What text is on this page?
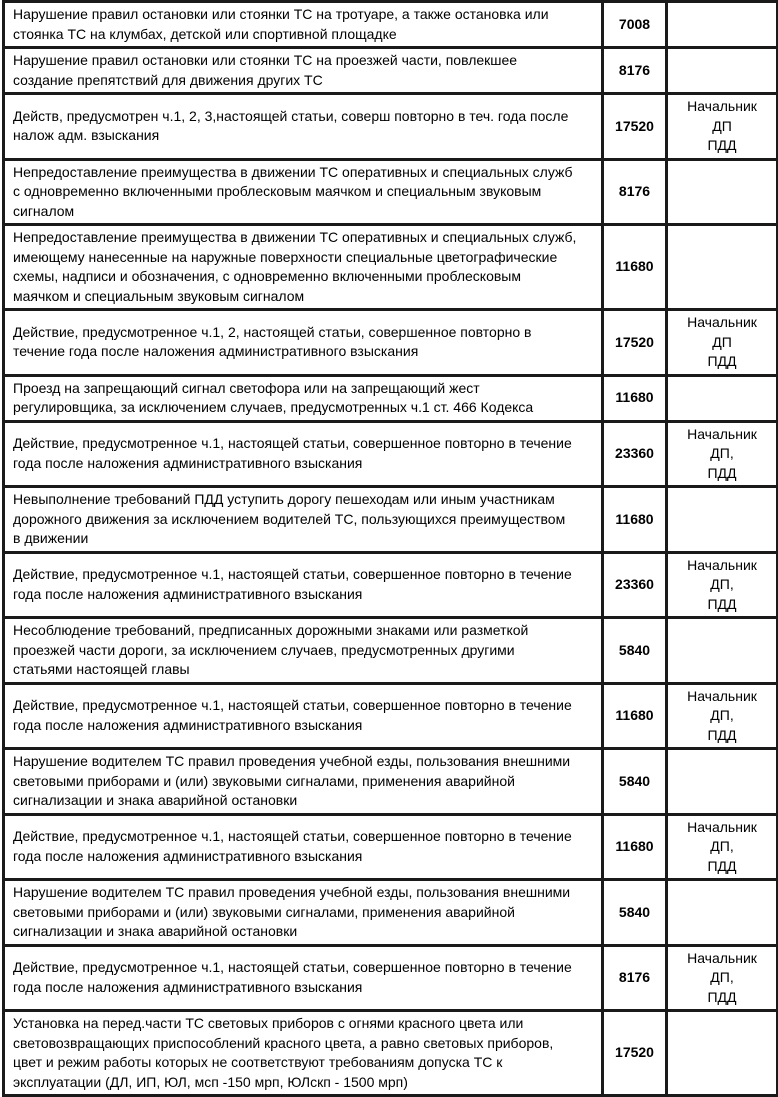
Нарушение правил остановки или стоянки ТС на тротуаре, а также остановка или
стоянка ТС на клумбах, детской или спортивной площадке	7008	
Нарушение правил остановки или стоянки ТС на проезжей части, повлекшее
создание препятствий для движения других ТС	8176	
Действ, предусмотрен ч.1, 2, 3,настоящей статьи, соверш повторно в теч. года после
налож адм. взыскания	17520	Начальник ДП
ПДД
Непредоставление преимущества в движении ТС оперативных и специальных служб
с одновременно включенными проблесковым маячком и специальным звуковым
сигналом	8176	
Непредоставление преимущества в движении ТС оперативных и специальных служб,
имеющему нанесенные на наружные поверхности специальные цветографические
схемы, надписи и обозначения, с одновременно включенными проблесковым
маячком и специальным звуковым сигналом	11680	
Действие, предусмотренное ч.1, 2, настоящей статьи, совершенное повторно в
течение года после наложения административного взыскания	17520	Начальник ДП
ПДД
Проезд на запрещающий сигнал светофора или на запрещающий жест
регулировщика, за исключением случаев, предусмотренных ч.1 ст. 466 Кодекса	11680	
Действие, предусмотренное ч.1, настоящей статьи, совершенное повторно в течение
года после наложения административного взыскания	23360	Начальник ДП,
ПДД
Невыполнение требований ПДД уступить дорогу пешеходам или иным участникам
дорожного движения за исключением водителей ТС, пользующихся преимуществом
в движении	11680	
Действие, предусмотренное ч.1, настоящей статьи, совершенное повторно в течение
года после наложения административного взыскания	23360	Начальник ДП,
ПДД
Несоблюдение требований, предписанных дорожными знаками или разметкой
проезжей части дороги, за исключением случаев, предусмотренных другими
статьями настоящей главы	5840	
Действие, предусмотренное ч.1, настоящей статьи, совершенное повторно в течение
года после наложения административного взыскания	11680	Начальник ДП,
ПДД
Нарушение водителем ТС правил проведения учебной езды, пользования внешними
световыми приборами и (или) звуковыми сигналами, применения аварийной
сигнализации и знака аварийной остановки	5840	
Действие, предусмотренное ч.1, настоящей статьи, совершенное повторно в течение
года после наложения административного взыскания	11680	Начальник ДП,
ПДД
Нарушение водителем ТС правил проведения учебной езды, пользования внешними
световыми приборами и (или) звуковыми сигналами, применения аварийной
сигнализации и знака аварийной остановки	5840	
Действие, предусмотренное ч.1, настоящей статьи, совершенное повторно в течение
года после наложения административного взыскания	8176	Начальник ДП,
ПДД
Установка на перед.части ТС световых приборов с огнями красного цвета или
световозвращающих приспособлений красного цвета, а равно световых приборов,
цвет и режим работы которых не соответствуют требованиям допуска ТС к
эксплуатации (ДЛ, ИП, ЮЛ, мсп -150 мрп, ЮЛскп - 1500 мрп)	17520	
